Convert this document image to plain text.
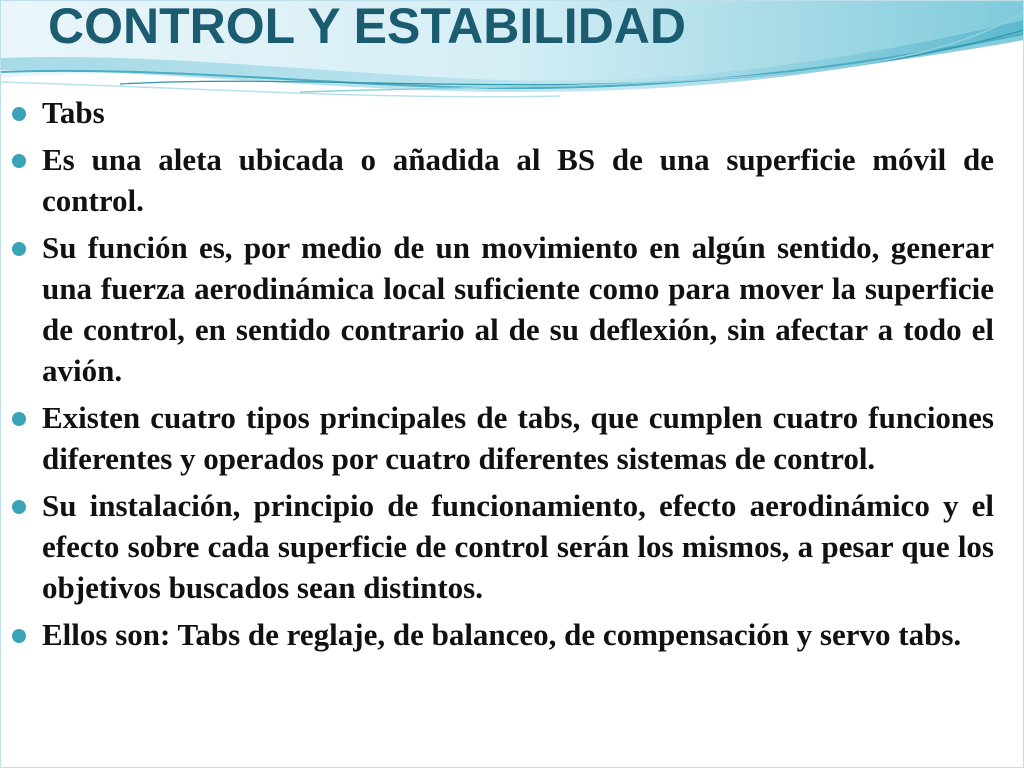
CONTROL Y ESTABILIDAD
Tabs
Es una aleta ubicada o añadida al BS de una superficie móvil de control.
Su función es, por medio de un movimiento en algún sentido, generar una fuerza aerodinámica local suficiente como para mover la superficie de control, en sentido contrario al de su deflexión, sin afectar a todo el avión.
Existen cuatro tipos principales de tabs, que cumplen cuatro funciones diferentes y operados por cuatro diferentes sistemas de control.
Su instalación, principio de funcionamiento, efecto aerodinámico y el efecto sobre cada superficie de control serán los mismos, a pesar que los objetivos buscados sean distintos.
Ellos son: Tabs de reglaje, de balanceo, de compensación y servo tabs.
